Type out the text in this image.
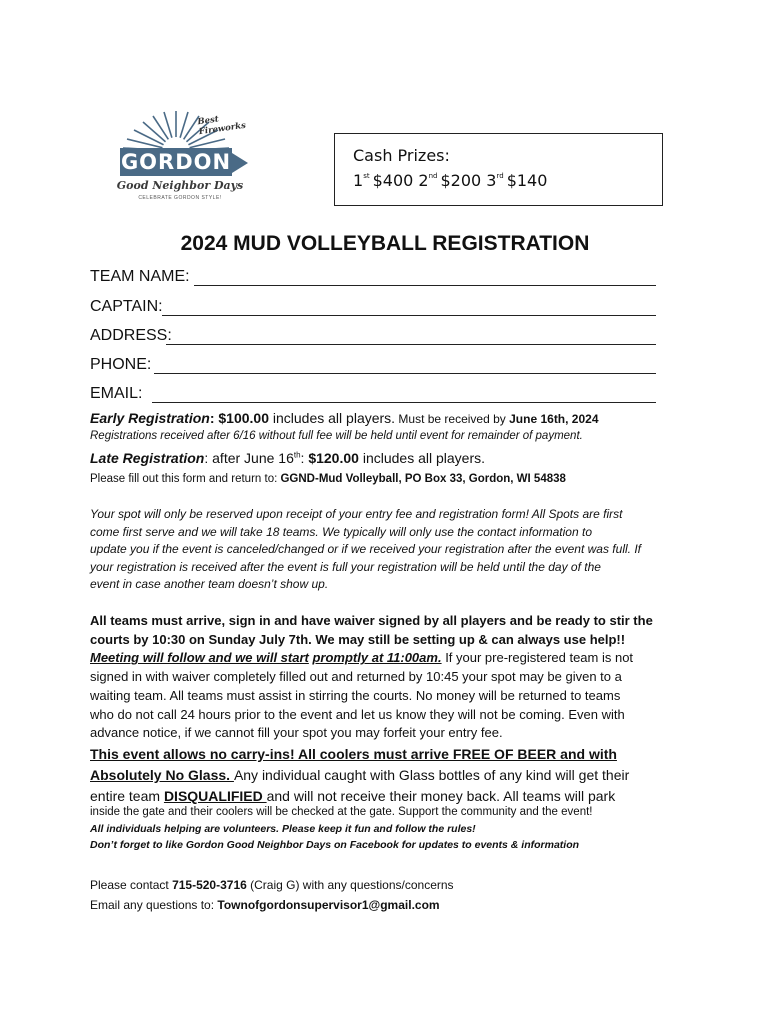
Best Fireworks
GORDON
Good Neighbor Days
CELEBRATE GORDON STYLE!
Cash Prizes:
1st $400 2nd $200 3rd $140
2024 MUD VOLLEYBALL REGISTRATION
TEAM NAME:
CAPTAIN:
ADDRESS:
PHONE:
EMAIL:
Early Registration: $100.00 includes all players. Must be received by June 16th, 2024
Registrations received after 6/16 without full fee will be held until event for remainder of payment.
Late Registration: after June 16th: $120.00 includes all players.
Please fill out this form and return to: GGND-Mud Volleyball, PO Box 33, Gordon, WI 54838
Your spot will only be reserved upon receipt of your entry fee and registration form! All Spots are first
come first serve and we will take 18 teams. We typically will only use the contact information to
update you if the event is canceled/changed or if we received your registration after the event was full. If
your registration is received after the event is full your registration will be held until the day of the
event in case another team doesn’t show up.
All teams must arrive, sign in and have waiver signed by all players and be ready to stir the
courts by 10:30 on Sunday July 7th. We may still be setting up & can always use help!!
Meeting will follow and we will start promptly at 11:00am. If your pre-registered team is not
signed in with waiver completely filled out and returned by 10:45 your spot may be given to a
waiting team. All teams must assist in stirring the courts. No money will be returned to teams
who do not call 24 hours prior to the event and let us know they will not be coming. Even with
advance notice, if we cannot fill your spot you may forfeit your entry fee.
This event allows no carry-ins! All coolers must arrive FREE OF BEER and with
Absolutely No Glass. Any individual caught with Glass bottles of any kind will get their
entire team DISQUALIFIED and will not receive their money back. All teams will park
inside the gate and their coolers will be checked at the gate. Support the community and the event!
All individuals helping are volunteers. Please keep it fun and follow the rules!
Don’t forget to like Gordon Good Neighbor Days on Facebook for updates to events & information
Please contact 715-520-3716 (Craig G) with any questions/concerns
Email any questions to: Townofgordonsupervisor1@gmail.com
